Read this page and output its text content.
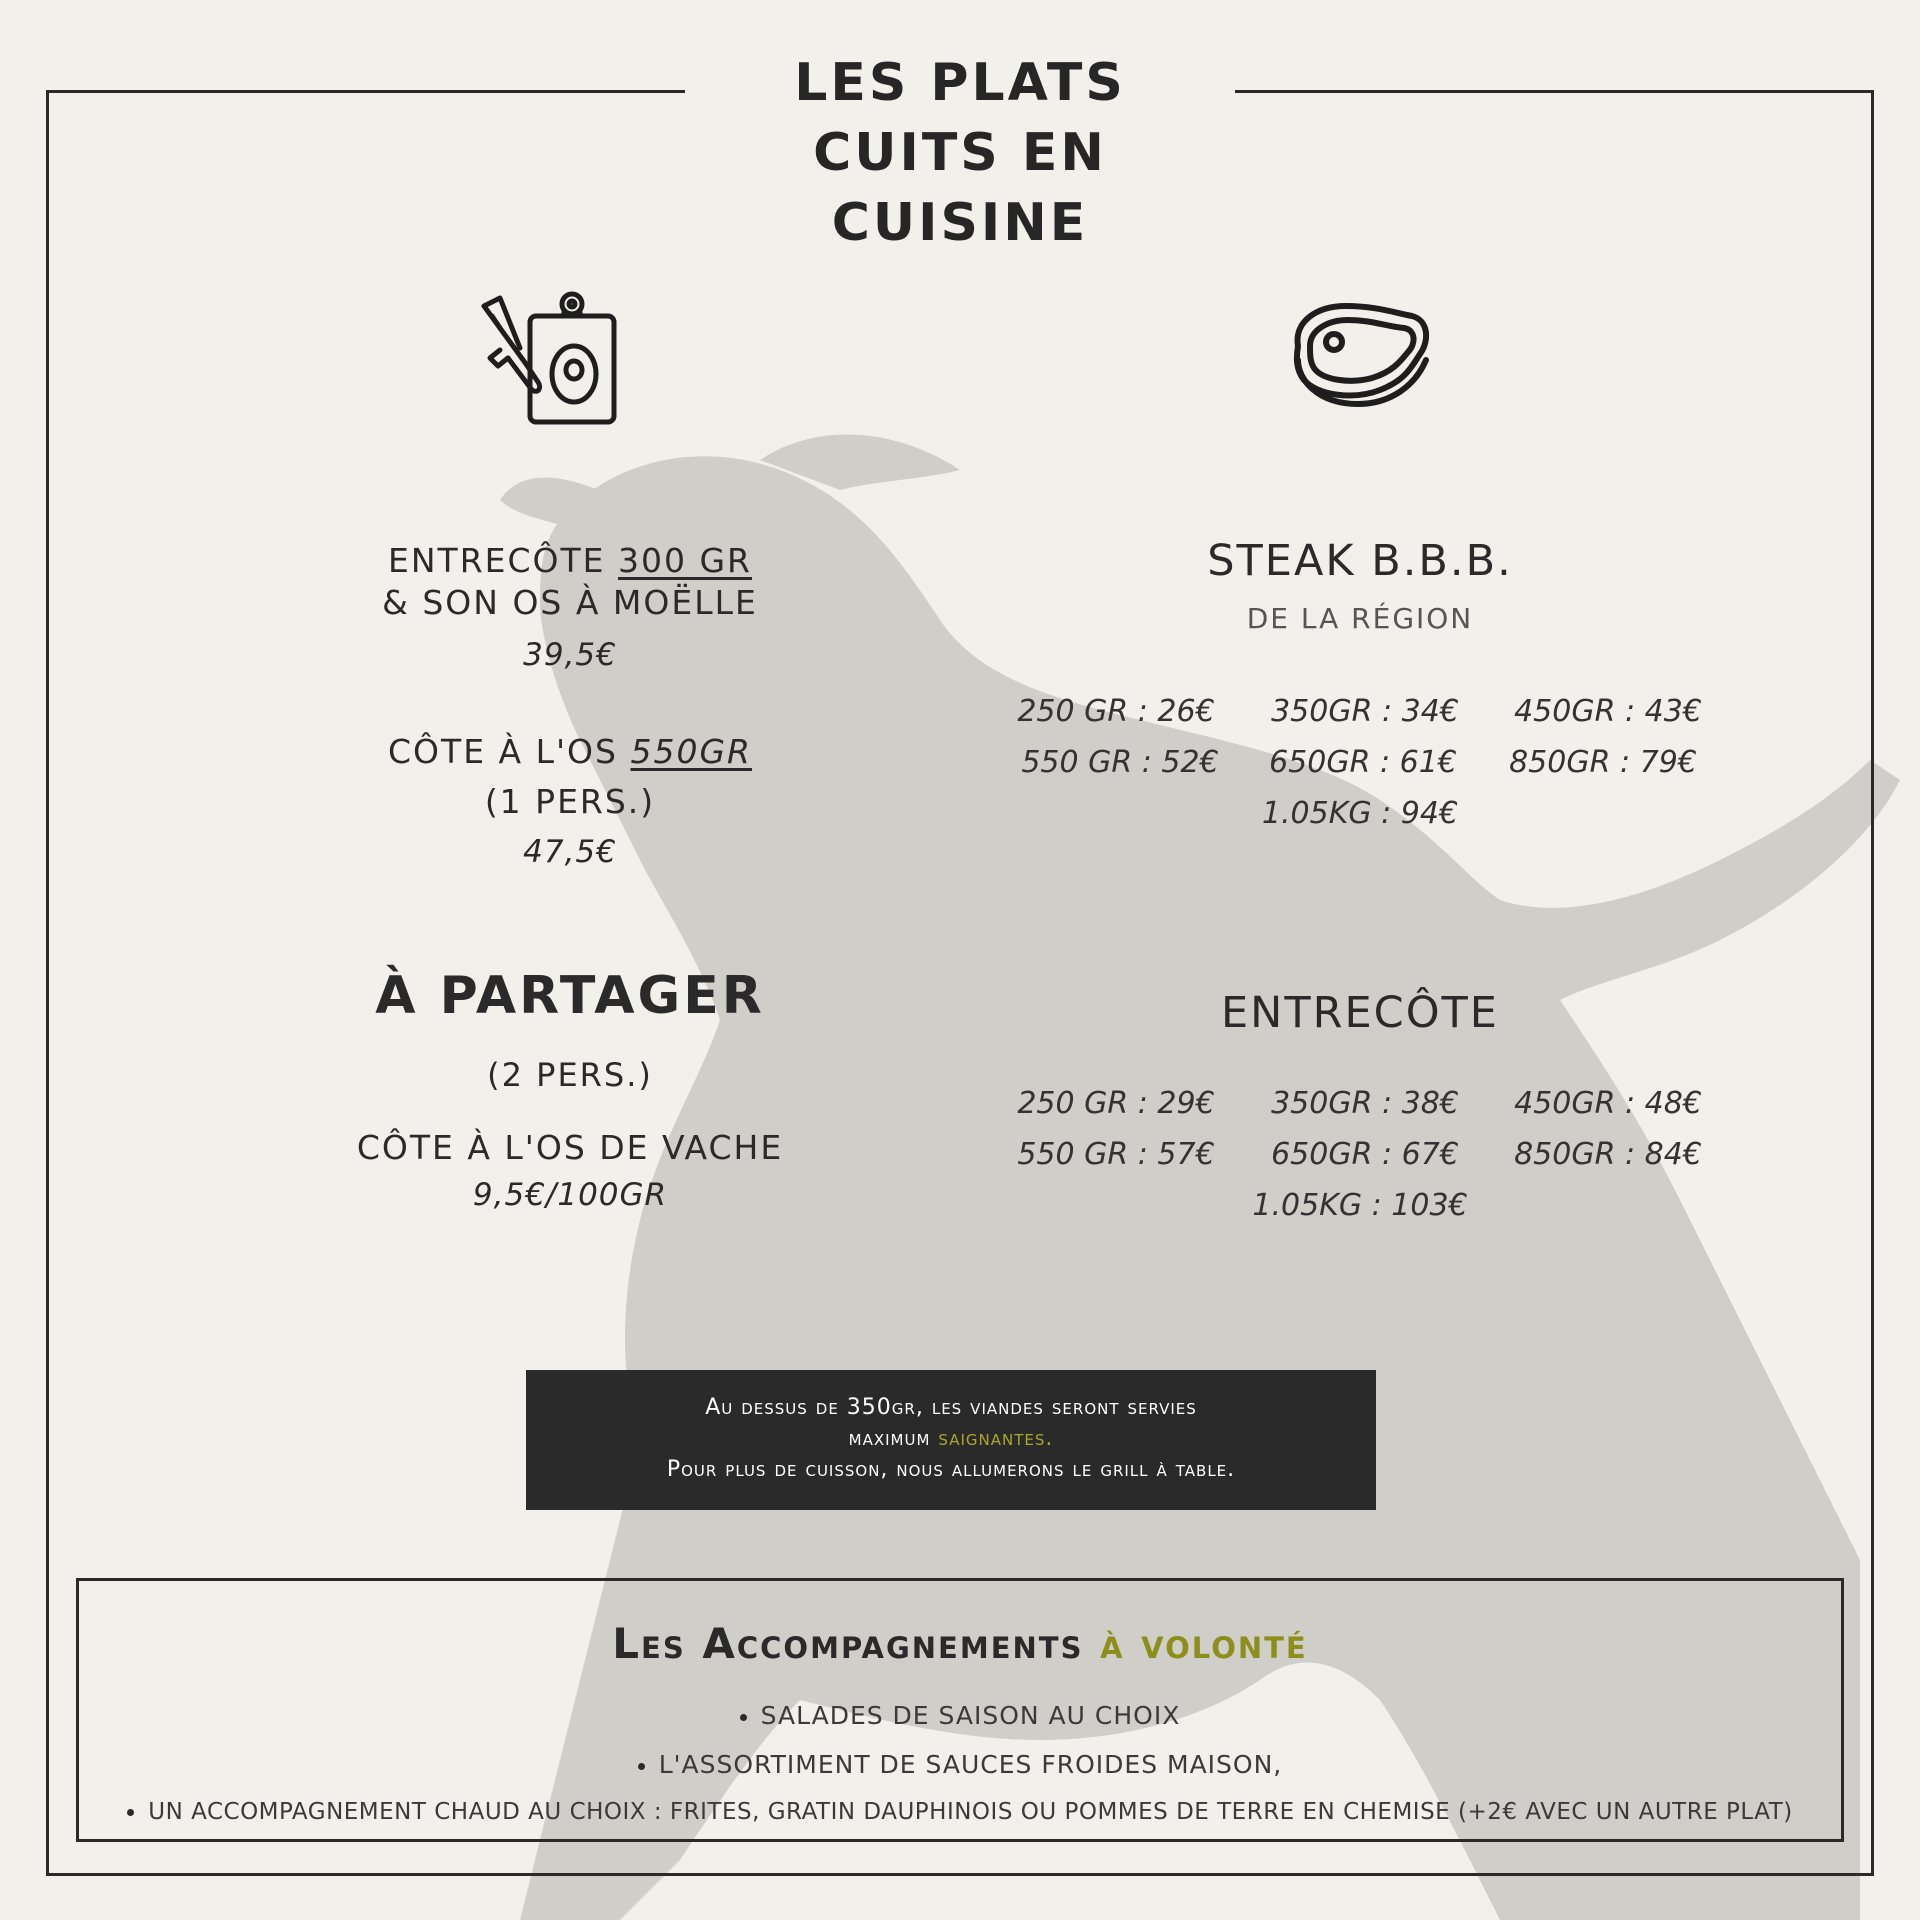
LES PLATS
CUITS EN CUISINE
ENTRECÔTE 300 GR
& SON OS À MOËLLE
39,5€
CÔTE À L'OS 550GR
(1 PERS.)
47,5€
À PARTAGER
(2 PERS.)
CÔTE À L'OS DE VACHE
9,5€/100GR
STEAK B.B.B.
DE LA RÉGION
250 GR : 26€	350GR : 34€	450GR : 43€
550 GR : 52€	650GR : 61€	850GR : 79€
1.05KG : 94€
ENTRECÔTE
250 GR : 29€	350GR : 38€	450GR : 48€
550 GR : 57€	650GR : 67€	850GR : 84€
1.05KG : 103€
Au dessus de 350gr, les viandes seront servies
maximum saignantes.
Pour plus de cuisson, nous allumerons le grill à table.
Les Accompagnements à volonté
SALADES DE SAISON AU CHOIX
L'ASSORTIMENT DE SAUCES FROIDES MAISON,
UN ACCOMPAGNEMENT CHAUD AU CHOIX : FRITES, GRATIN DAUPHINOIS OU POMMES DE TERRE EN CHEMISE (+2€ AVEC UN AUTRE PLAT)
